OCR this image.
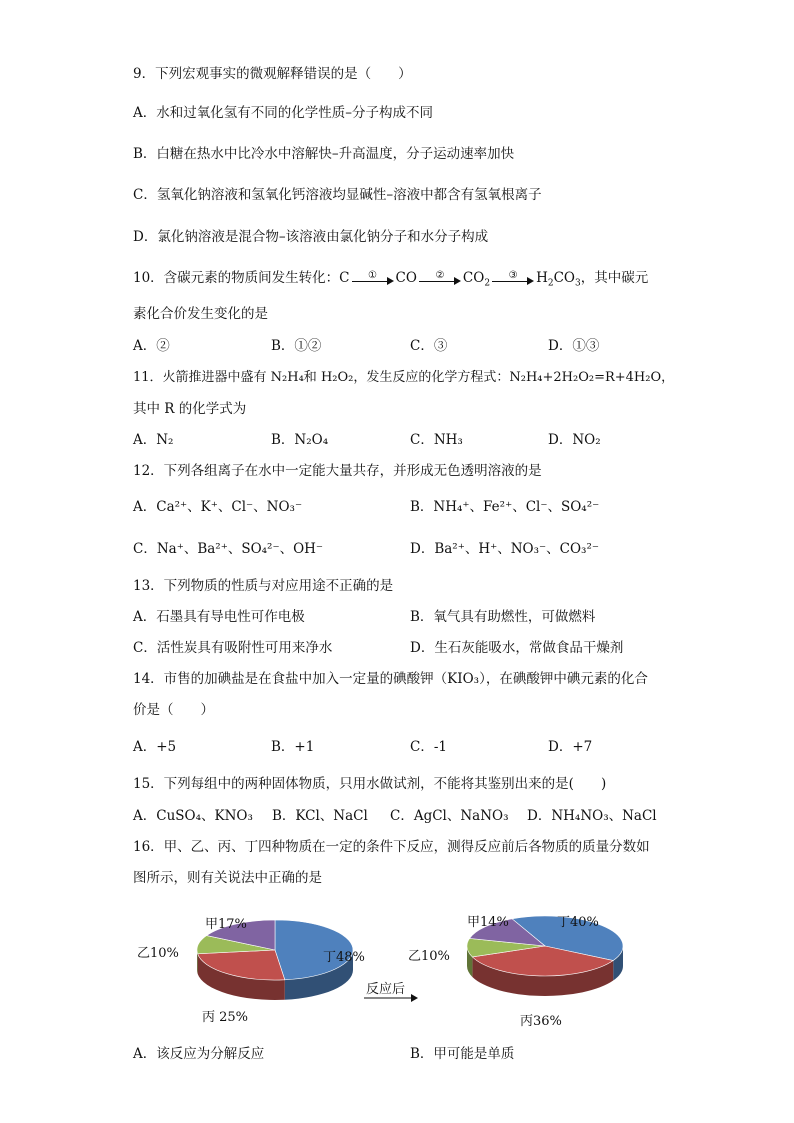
9．下列宏观事实的微观解释错误的是（　　）
A．水和过氧化氢有不同的化学性质–分子构成不同
B．白糖在热水中比冷水中溶解快–升高温度，分子运动速率加快
C．氢氧化钠溶液和氢氧化钙溶液均显碱性–溶液中都含有氢氧根离子
D．氯化钠溶液是混合物–该溶液由氯化钠分子和水分子构成
10．含碳元素的物质间发生转化：C	①	CO	②	$CO_2$
③	$H_2CO_3$，其中碳元
素化合价发生变化的是
A．②	B．①②	C．③	D．①③
11．火箭推进器中盛有 N₂H₄和 H₂O₂，发生反应的化学方程式：N₂H₄+2H₂O₂=R+4H₂O，
其中 R 的化学式为
A．N₂	B．N₂O₄	C．NH₃	D．NO₂
12．下列各组离子在水中一定能大量共存，并形成无色透明溶液的是
A．Ca²⁺、K⁺、Cl⁻、NO₃⁻	B．NH₄⁺、Fe²⁺、Cl⁻、SO₄²⁻
C．Na⁺、Ba²⁺、SO₄²⁻、OH⁻	D．Ba²⁺、H⁺、NO₃⁻、CO₃²⁻
13．下列物质的性质与对应用途不正确的是
A．石墨具有导电性可作电极	B．氧气具有助燃性，可做燃料
C．活性炭具有吸附性可用来净水	D．生石灰能吸水，常做食品干燥剂
14．市售的加碘盐是在食盐中加入一定量的碘酸钾（KIO₃），在碘酸钾中碘元素的化合
价是（　　）
A．+5	B．+1	C．-1	D．+7
15．下列每组中的两种固体物质，只用水做试剂，不能将其鉴别出来的是(　　)
A．CuSO₄、KNO₃ B．KCl、NaCl C．AgCl、NaNO₃ D．NH₄NO₃、NaCl
16．甲、乙、丙、丁四种物质在一定的条件下反应，测得反应前后各物质的质量分数如
图所示，则有关说法中正确的是
甲17%
乙10%
丙 25%
丁48%
反应后
甲14%
乙10%
丙36%
丁40%
A．该反应为分解反应	B．甲可能是单质
